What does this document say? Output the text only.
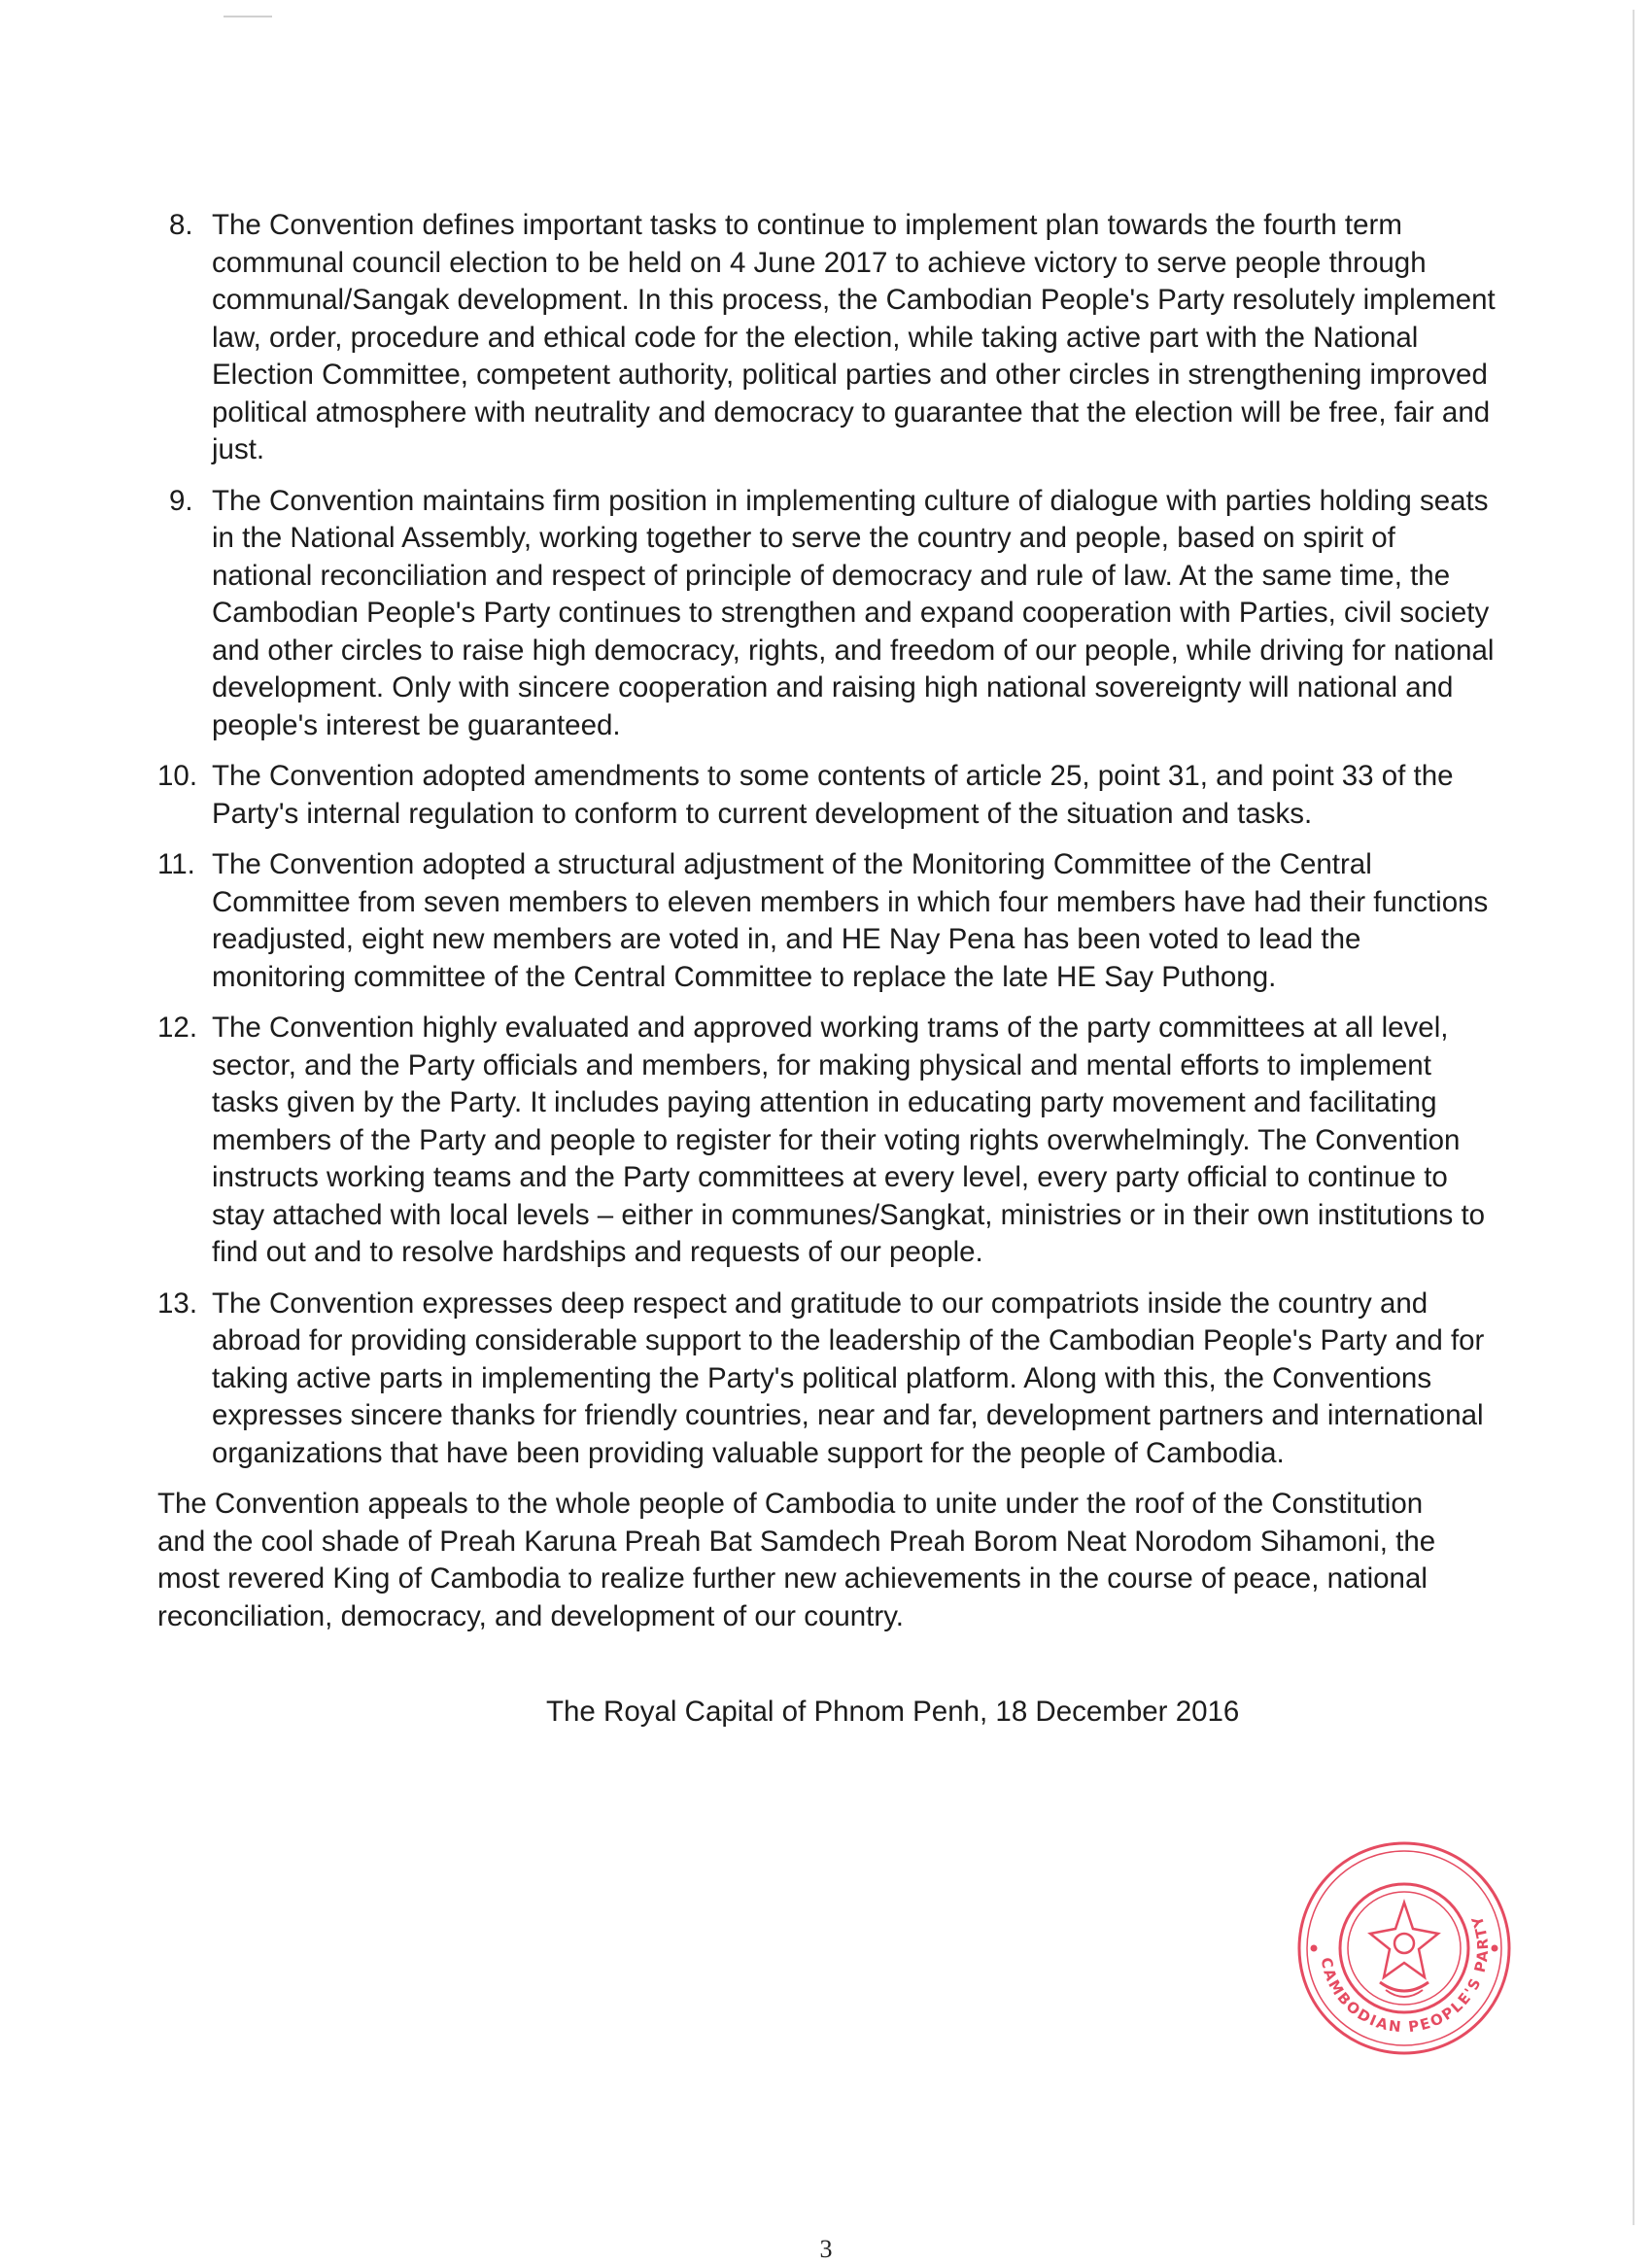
8. The Convention defines important tasks to continue to implement plan towards the fourth term communal council election to be held on 4 June 2017 to achieve victory to serve people through communal/Sangak development. In this process, the Cambodian People's Party resolutely implement law, order, procedure and ethical code for the election, while taking active part with the National Election Committee, competent authority, political parties and other circles in strengthening improved political atmosphere with neutrality and democracy to guarantee that the election will be free, fair and just.
9. The Convention maintains firm position in implementing culture of dialogue with parties holding seats in the National Assembly, working together to serve the country and people, based on spirit of national reconciliation and respect of principle of democracy and rule of law. At the same time, the Cambodian People's Party continues to strengthen and expand cooperation with Parties, civil society and other circles to raise high democracy, rights, and freedom of our people, while driving for national development. Only with sincere cooperation and raising high national sovereignty will national and people's interest be guaranteed.
10. The Convention adopted amendments to some contents of article 25, point 31, and point 33 of the Party's internal regulation to conform to current development of the situation and tasks.
11. The Convention adopted a structural adjustment of the Monitoring Committee of the Central Committee from seven members to eleven members in which four members have had their functions readjusted, eight new members are voted in, and HE Nay Pena has been voted to lead the monitoring committee of the Central Committee to replace the late HE Say Puthong.
12. The Convention highly evaluated and approved working trams of the party committees at all level, sector, and the Party officials and members, for making physical and mental efforts to implement tasks given by the Party. It includes paying attention in educating party movement and facilitating members of the Party and people to register for their voting rights overwhelmingly. The Convention instructs working teams and the Party committees at every level, every party official to continue to stay attached with local levels – either in communes/Sangkat, ministries or in their own institutions to find out and to resolve hardships and requests of our people.
13. The Convention expresses deep respect and gratitude to our compatriots inside the country and abroad for providing considerable support to the leadership of the Cambodian People's Party and for taking active parts in implementing the Party's political platform. Along with this, the Conventions expresses sincere thanks for friendly countries, near and far, development partners and international organizations that have been providing valuable support for the people of Cambodia.

The Convention appeals to the whole people of Cambodia to unite under the roof of the Constitution and the cool shade of Preah Karuna Preah Bat Samdech Preah Borom Neat Norodom Sihamoni, the most revered King of Cambodia to realize further new achievements in the course of peace, national reconciliation, democracy, and development of our country.

The Royal Capital of Phnom Penh, 18 December 2016

CAMBODIAN PEOPLE'S PARTY
3
